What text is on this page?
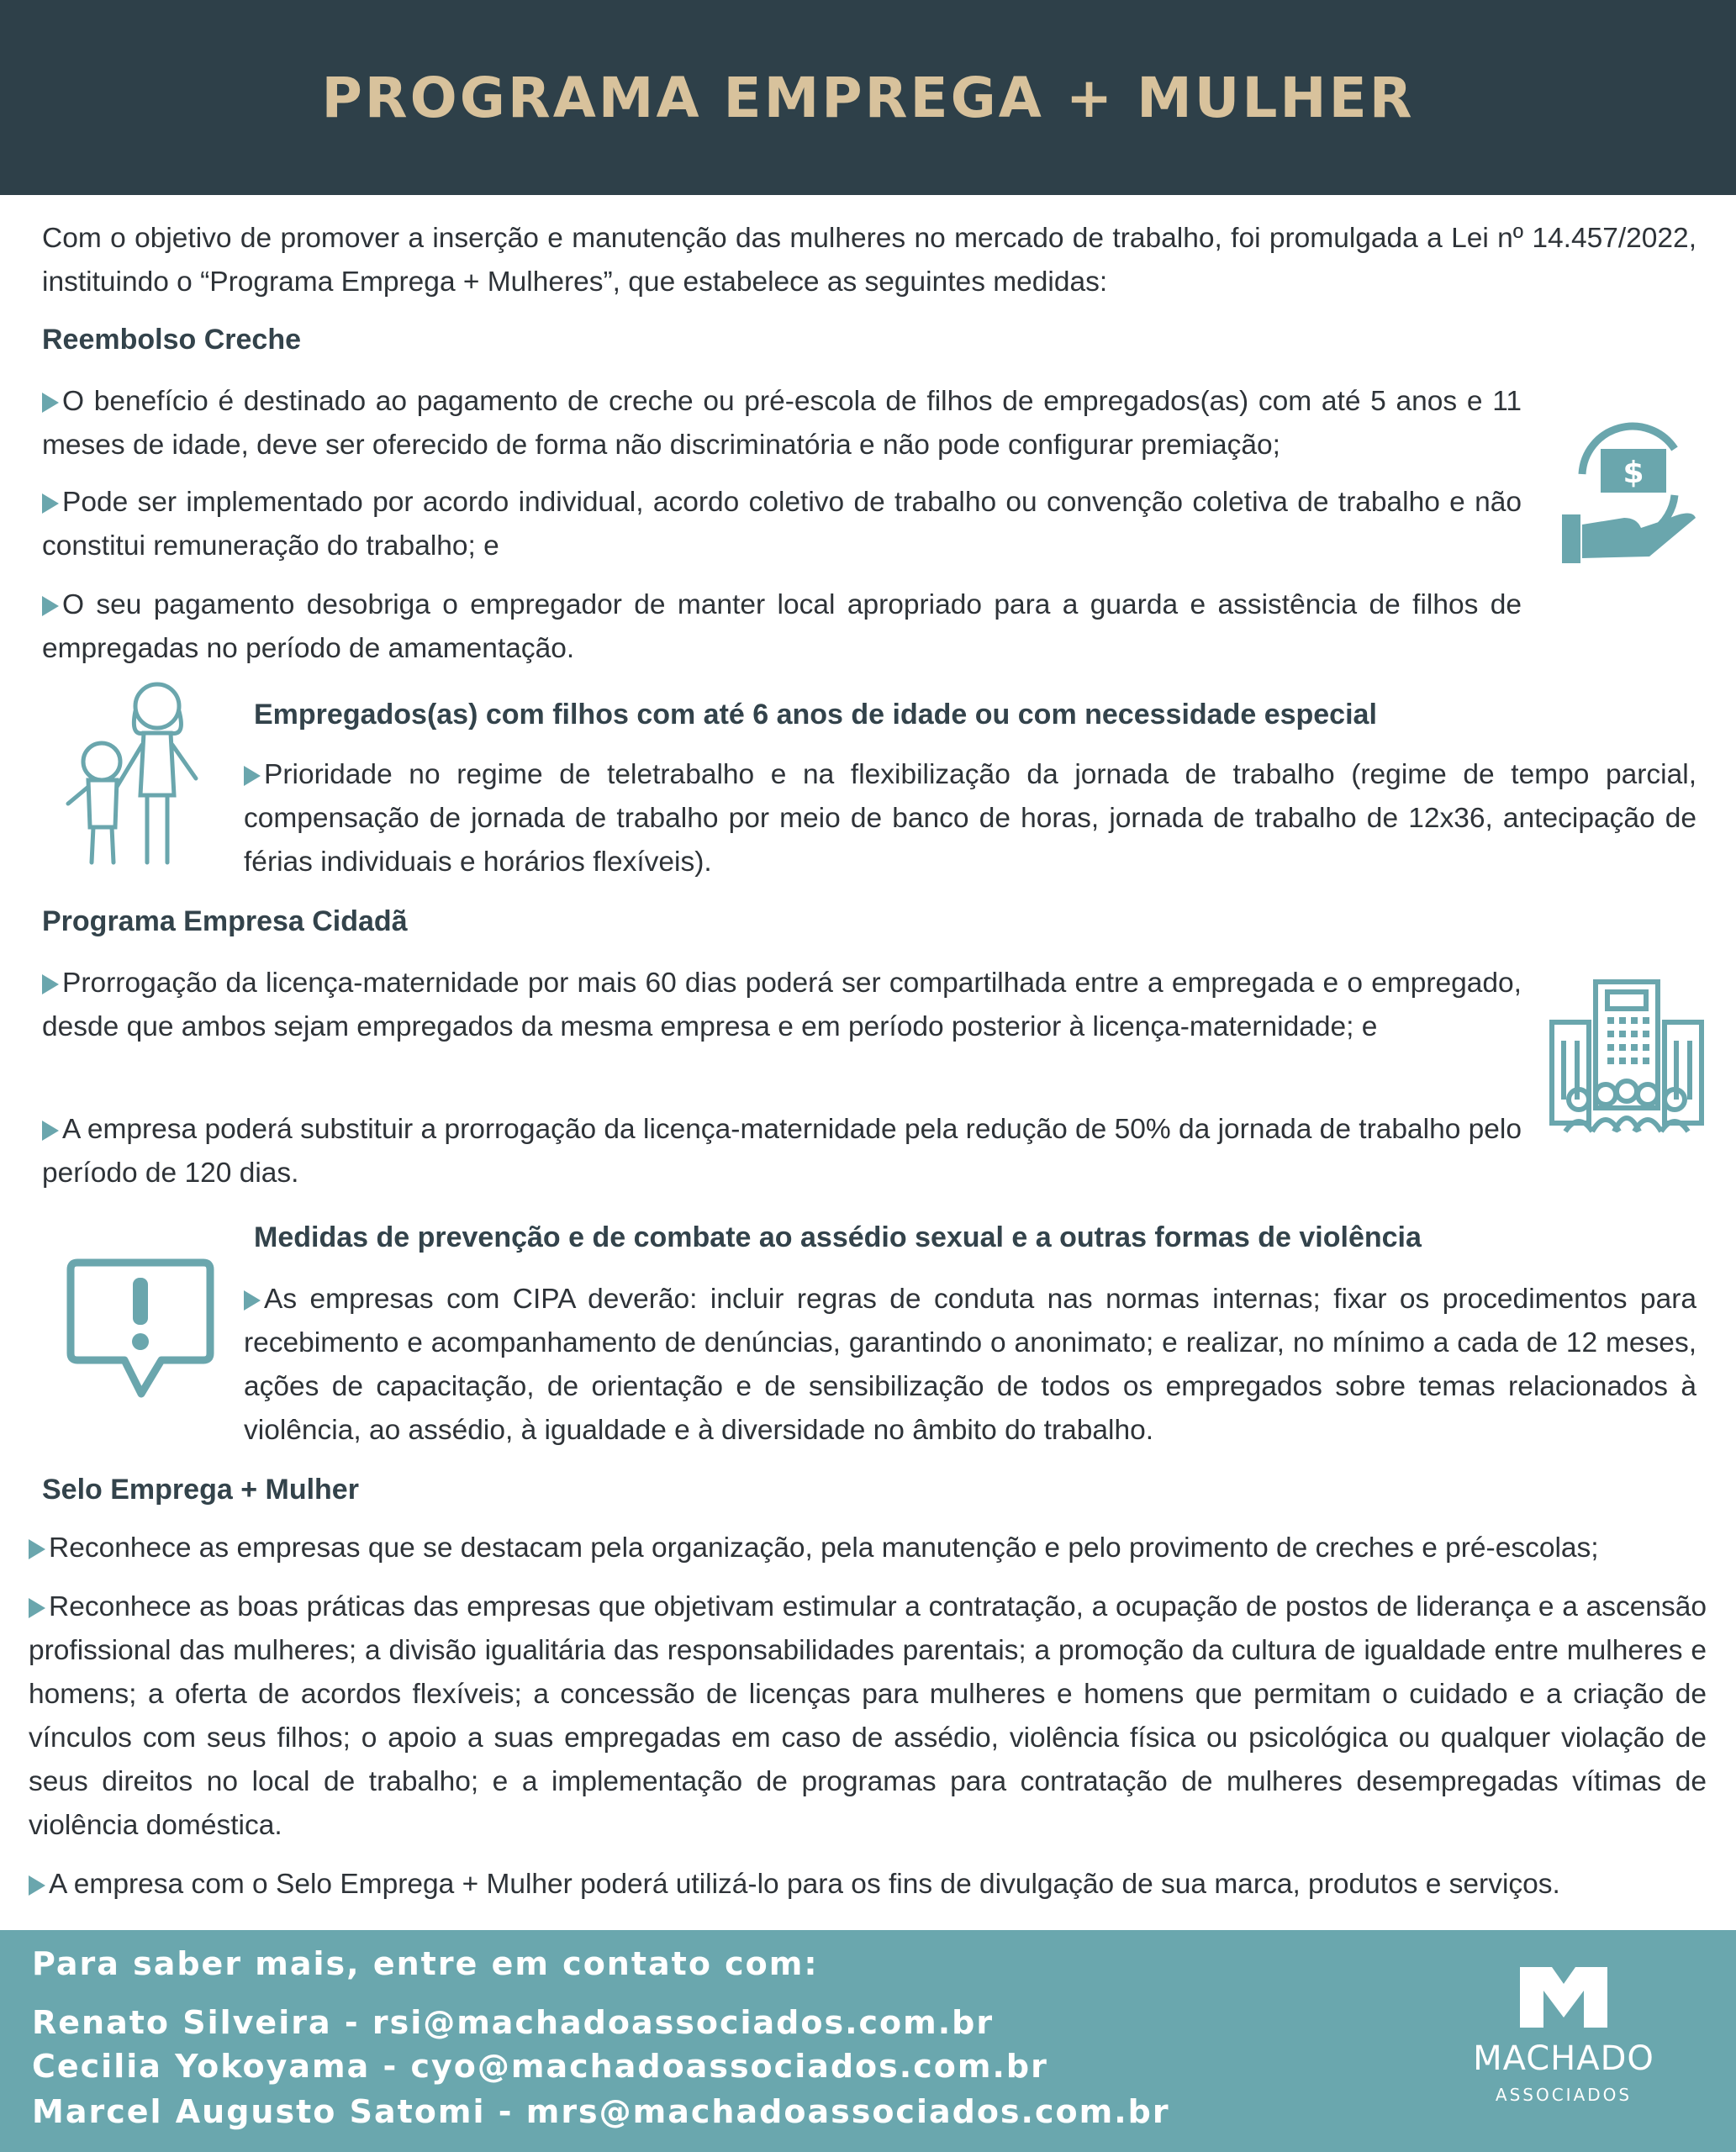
PROGRAMA EMPREGA + MULHER

Com o objetivo de promover a inserção e manutenção das mulheres no mercado de trabalho, foi promulgada a Lei nº 14.457/2022, instituindo o “Programa Emprega + Mulheres”, que estabelece as seguintes medidas:

Reembolso Creche
O benefício é destinado ao pagamento de creche ou pré-escola de filhos de empregados(as) com até 5 anos e 11 meses de idade, deve ser oferecido de forma não discriminatória e não pode configurar premiação;
Pode ser implementado por acordo individual, acordo coletivo de trabalho ou convenção coletiva de trabalho e não constitui remuneração do trabalho; e
O seu pagamento desobriga o empregador de manter local apropriado para a guarda e assistência de filhos de empregadas no período de amamentação.
$
Empregados(as) com filhos com até 6 anos de idade ou com necessidade especial
Prioridade no regime de teletrabalho e na flexibilização da jornada de trabalho (regime de tempo parcial, compensação de jornada de trabalho por meio de banco de horas, jornada de trabalho de 12x36, antecipação de férias individuais e horários flexíveis).
Programa Empresa Cidadã
Prorrogação da licença-maternidade por mais 60 dias poderá ser compartilhada entre a empregada e o empregado, desde que ambos sejam empregados da mesma empresa e em período posterior à licença-maternidade; e
A empresa poderá substituir a prorrogação da licença-maternidade pela redução de 50% da jornada de trabalho pelo período de 120 dias.
Medidas de prevenção e de combate ao assédio sexual e a outras formas de violência
As empresas com CIPA deverão: incluir regras de conduta nas normas internas; fixar os procedimentos para recebimento e acompanhamento de denúncias, garantindo o anonimato; e realizar, no mínimo a cada de 12 meses, ações de capacitação, de orientação e de sensibilização de todos os empregados sobre temas relacionados à violência, ao assédio, à igualdade e à diversidade no âmbito do trabalho.
Selo Emprega + Mulher
Reconhece as empresas que se destacam pela organização, pela manutenção e pelo provimento de creches e pré-escolas;
Reconhece as boas práticas das empresas que objetivam estimular a contratação, a ocupação de postos de liderança e a ascensão profissional das mulheres; a divisão igualitária das responsabilidades parentais; a promoção da cultura de igualdade entre mulheres e homens; a oferta de acordos flexíveis; a concessão de licenças para mulheres e homens que permitam o cuidado e a criação de vínculos com seus filhos; o apoio a suas empregadas em caso de assédio, violência física ou psicológica ou qualquer violação de seus direitos no local de trabalho; e a implementação de programas para contratação de mulheres desempregadas vítimas de violência doméstica.
A empresa com o Selo Emprega + Mulher poderá utilizá-lo para os fins de divulgação de sua marca, produtos e serviços.
Para saber mais, entre em contato com:
Renato Silveira - rsi@machadoassociados.com.br
Cecilia Yokoyama - cyo@machadoassociados.com.br
Marcel Augusto Satomi - mrs@machadoassociados.com.br
MACHADO
ASSOCIADOS
